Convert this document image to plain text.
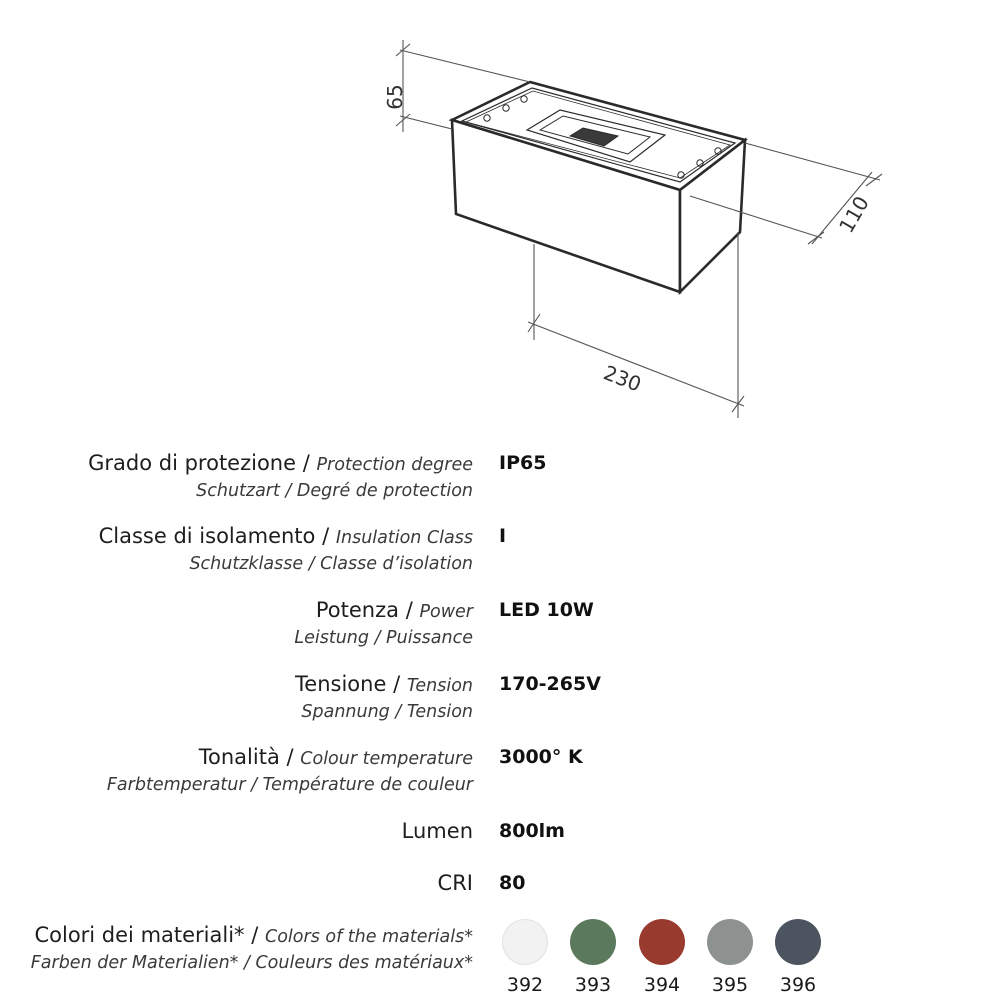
65
110
230
Grado di protezione / Protection degree
Schutzart / Degré de protection
IP65
Classe di isolamento / Insulation Class
Schutzklasse / Classe d’isolation
I
Potenza / Power
Leistung / Puissance
LED 10W
Tensione / Tension
Spannung / Tension
170-265V
Tonalità / Colour temperature
Farbtemperatur / Température de couleur
3000° K
Lumen 800lm
CRI 80
Colori dei materiali* / Colors of the materials*
Farben der Materialien* / Couleurs des matériaux*
392	393	394	395	396
